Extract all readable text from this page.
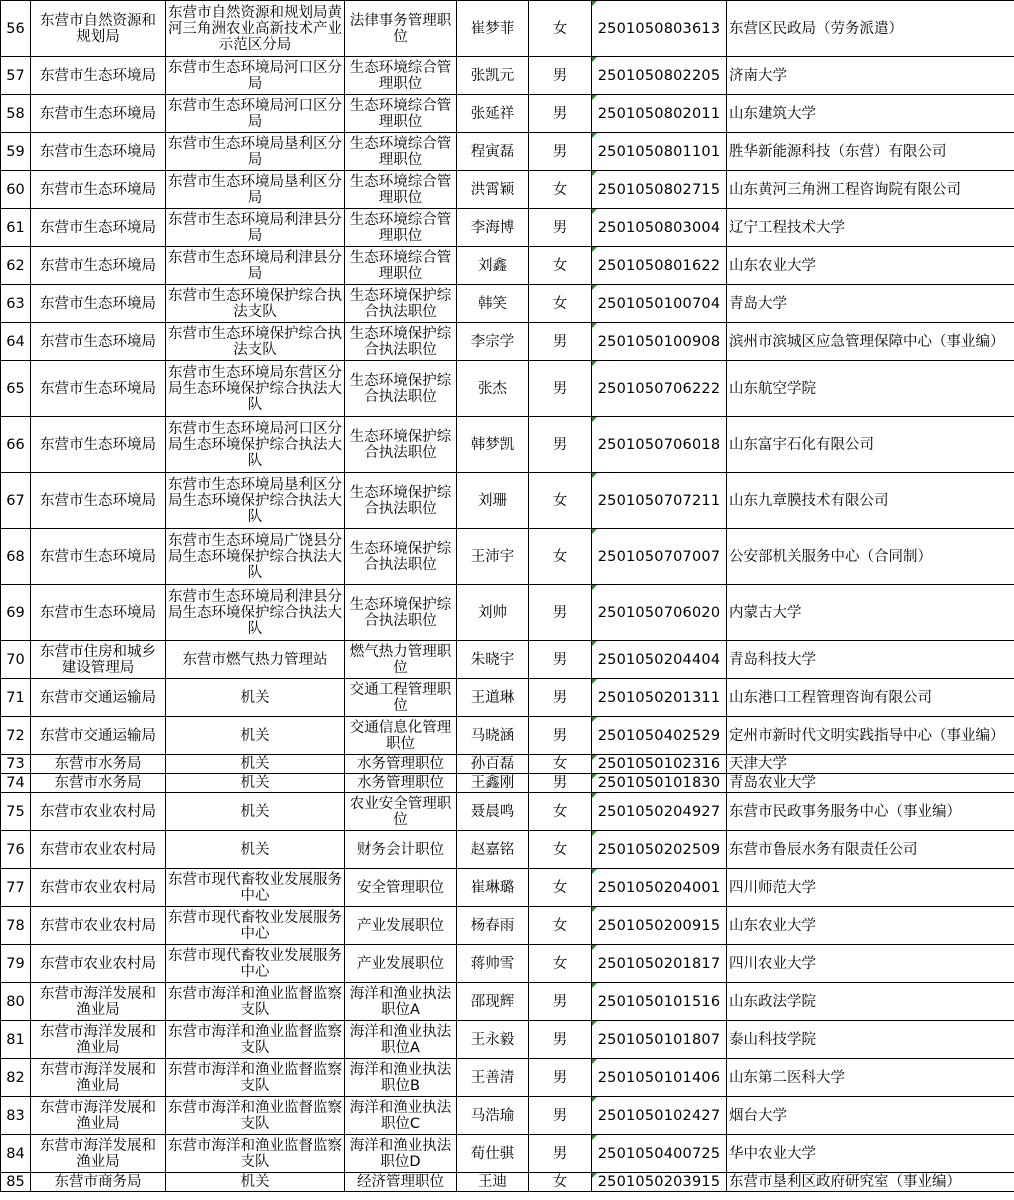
56	东营市自然资源和规划局	东营市自然资源和规划局黄河三角洲农业高新技术产业示范区分局	法律事务管理职位	崔梦菲	女	2501050803613	东营区民政局（劳务派遣）
57	东营市生态环境局	东营市生态环境局河口区分局	生态环境综合管理职位	张凯元	男	2501050802205	济南大学
58	东营市生态环境局	东营市生态环境局河口区分局	生态环境综合管理职位	张延祥	男	2501050802011	山东建筑大学
59	东营市生态环境局	东营市生态环境局垦利区分局	生态环境综合管理职位	程寅磊	男	2501050801101	胜华新能源科技（东营）有限公司
60	东营市生态环境局	东营市生态环境局垦利区分局	生态环境综合管理职位	洪霄颖	女	2501050802715	山东黄河三角洲工程咨询院有限公司
61	东营市生态环境局	东营市生态环境局利津县分局	生态环境综合管理职位	李海博	男	2501050803004	辽宁工程技术大学
62	东营市生态环境局	东营市生态环境局利津县分局	生态环境综合管理职位	刘鑫	女	2501050801622	山东农业大学
63	东营市生态环境局	东营市生态环境保护综合执法支队	生态环境保护综合执法职位	韩笑	女	2501050100704	青岛大学
64	东营市生态环境局	东营市生态环境保护综合执法支队	生态环境保护综合执法职位	李宗学	男	2501050100908	滨州市滨城区应急管理保障中心（事业编）
65	东营市生态环境局	东营市生态环境局东营区分局生态环境保护综合执法大队	生态环境保护综合执法职位	张杰	男	2501050706222	山东航空学院
66	东营市生态环境局	东营市生态环境局河口区分局生态环境保护综合执法大队	生态环境保护综合执法职位	韩梦凯	男	2501050706018	山东富宇石化有限公司
67	东营市生态环境局	东营市生态环境局垦利区分局生态环境保护综合执法大队	生态环境保护综合执法职位	刘珊	女	2501050707211	山东九章膜技术有限公司
68	东营市生态环境局	东营市生态环境局广饶县分局生态环境保护综合执法大队	生态环境保护综合执法职位	王沛宇	女	2501050707007	公安部机关服务中心（合同制）
69	东营市生态环境局	东营市生态环境局利津县分局生态环境保护综合执法大队	生态环境保护综合执法职位	刘帅	男	2501050706020	内蒙古大学
70	东营市住房和城乡建设管理局	东营市燃气热力管理站	燃气热力管理职位	朱晓宇	男	2501050204404	青岛科技大学
71	东营市交通运输局	机关	交通工程管理职位	王道琳	男	2501050201311	山东港口工程管理咨询有限公司
72	东营市交通运输局	机关	交通信息化管理职位	马晓涵	男	2501050402529	定州市新时代文明实践指导中心（事业编）
73	东营市水务局	机关	水务管理职位	孙百磊	女	2501050102316	天津大学
74	东营市水务局	机关	水务管理职位	王鑫刚	男	2501050101830	青岛农业大学
75	东营市农业农村局	机关	农业安全管理职位	聂晨鸣	女	2501050204927	东营市民政事务服务中心（事业编）
76	东营市农业农村局	机关	财务会计职位	赵嘉铭	女	2501050202509	东营市鲁辰水务有限责任公司
77	东营市农业农村局	东营市现代畜牧业发展服务中心	安全管理职位	崔琳璐	女	2501050204001	四川师范大学
78	东营市农业农村局	东营市现代畜牧业发展服务中心	产业发展职位	杨春雨	女	2501050200915	山东农业大学
79	东营市农业农村局	东营市现代畜牧业发展服务中心	产业发展职位	蒋帅雪	女	2501050201817	四川农业大学
80	东营市海洋发展和渔业局	东营市海洋和渔业监督监察支队	海洋和渔业执法职位A	邵现辉	男	2501050101516	山东政法学院
81	东营市海洋发展和渔业局	东营市海洋和渔业监督监察支队	海洋和渔业执法职位A	王永毅	男	2501050101807	泰山科技学院
82	东营市海洋发展和渔业局	东营市海洋和渔业监督监察支队	海洋和渔业执法职位B	王善清	男	2501050101406	山东第二医科大学
83	东营市海洋发展和渔业局	东营市海洋和渔业监督监察支队	海洋和渔业执法职位C	马浩瑜	男	2501050102427	烟台大学
84	东营市海洋发展和渔业局	东营市海洋和渔业监督监察支队	海洋和渔业执法职位D	荀仕骐	男	2501050400725	华中农业大学
85	东营市商务局	机关	经济管理职位	王迪	女	2501050203915	东营市垦利区政府研究室（事业编）
